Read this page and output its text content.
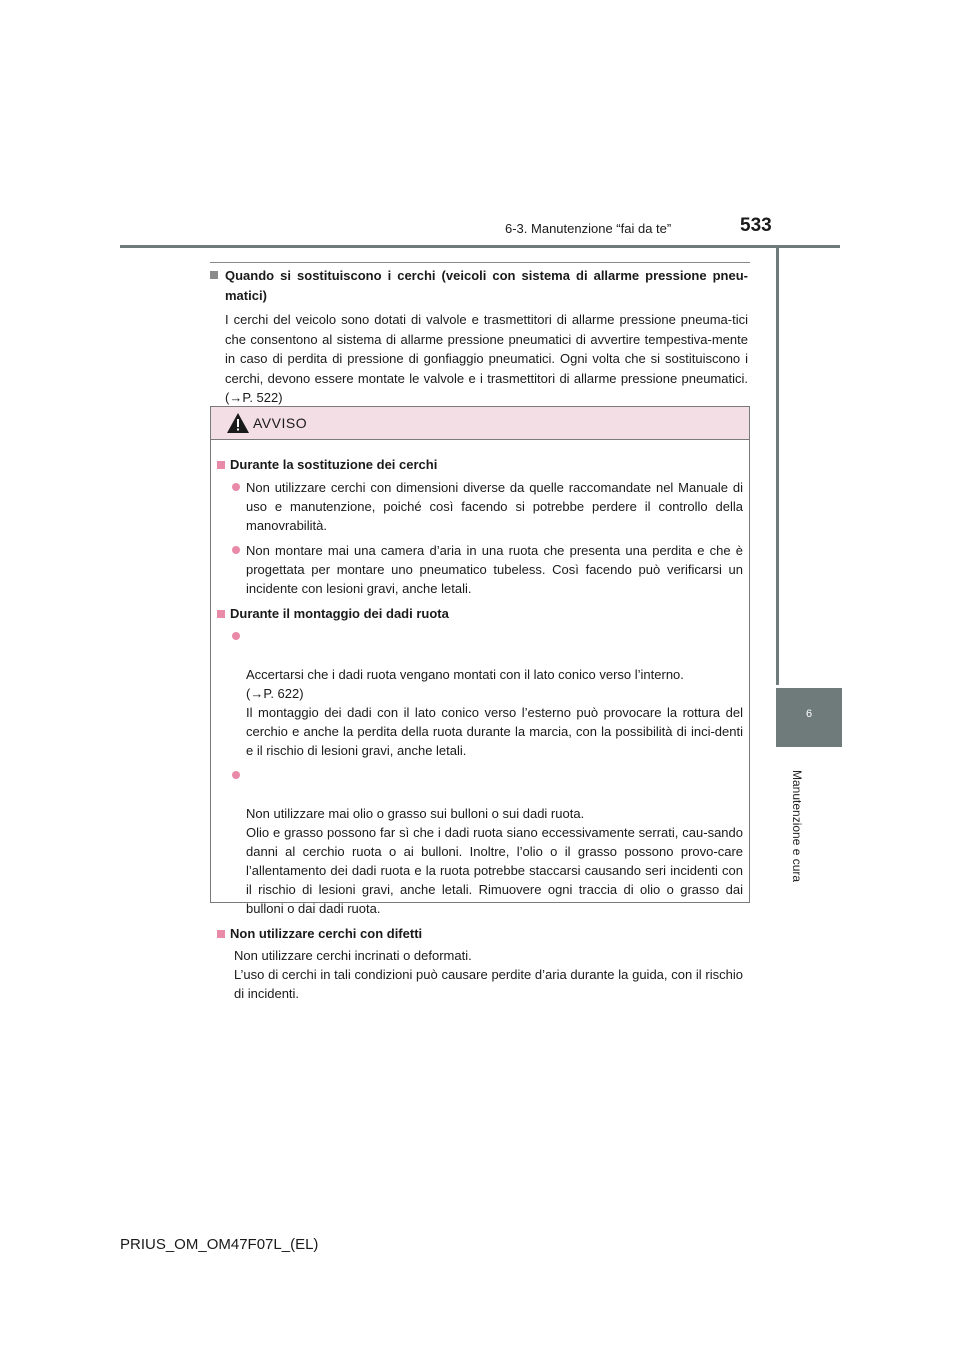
6-3. Manutenzione “fai da te”	533
6
Manutenzione e cura
Quando si sostituiscono i cerchi (veicoli con sistema di allarme pressione pneu-matici)
I cerchi del veicolo sono dotati di valvole e trasmettitori di allarme pressione pneuma-tici che consentono al sistema di allarme pressione pneumatici di avvertire tempestiva-mente in caso di perdita di pressione di gonfiaggio pneumatici. Ogni volta che si sostituiscono i cerchi, devono essere montate le valvole e i trasmettitori di allarme pressione pneumatici. (→P. 522)
AVVISO
Durante la sostituzione dei cerchi
Non utilizzare cerchi con dimensioni diverse da quelle raccomandate nel Manuale di uso e manutenzione, poiché così facendo si potrebbe perdere il controllo della manovrabilità.
Non montare mai una camera d’aria in una ruota che presenta una perdita e che è progettata per montare uno pneumatico tubeless. Così facendo può verificarsi un incidente con lesioni gravi, anche letali.
Durante il montaggio dei dadi ruota

Accertarsi che i dadi ruota vengano montati con il lato conico verso l’interno.
(→P. 622)
Il montaggio dei dadi con il lato conico verso l’esterno può provocare la rottura del cerchio e anche la perdita della ruota durante la marcia, con la possibilità di inci-denti e il rischio di lesioni gravi, anche letali.

Non utilizzare mai olio o grasso sui bulloni o sui dadi ruota.
Olio e grasso possono far sì che i dadi ruota siano eccessivamente serrati, cau-sando danni al cerchio ruota o ai bulloni. Inoltre, l’olio o il grasso possono provo-care l’allentamento dei dadi ruota e la ruota potrebbe staccarsi causando seri incidenti con il rischio di lesioni gravi, anche letali. Rimuovere ogni traccia di olio o grasso dai bulloni o dai dadi ruota.

Non utilizzare cerchi con difetti
Non utilizzare cerchi incrinati o deformati.
L’uso di cerchi in tali condizioni può causare perdite d’aria durante la guida, con il rischio di incidenti.
PRIUS_OM_OM47F07L_(EL)
